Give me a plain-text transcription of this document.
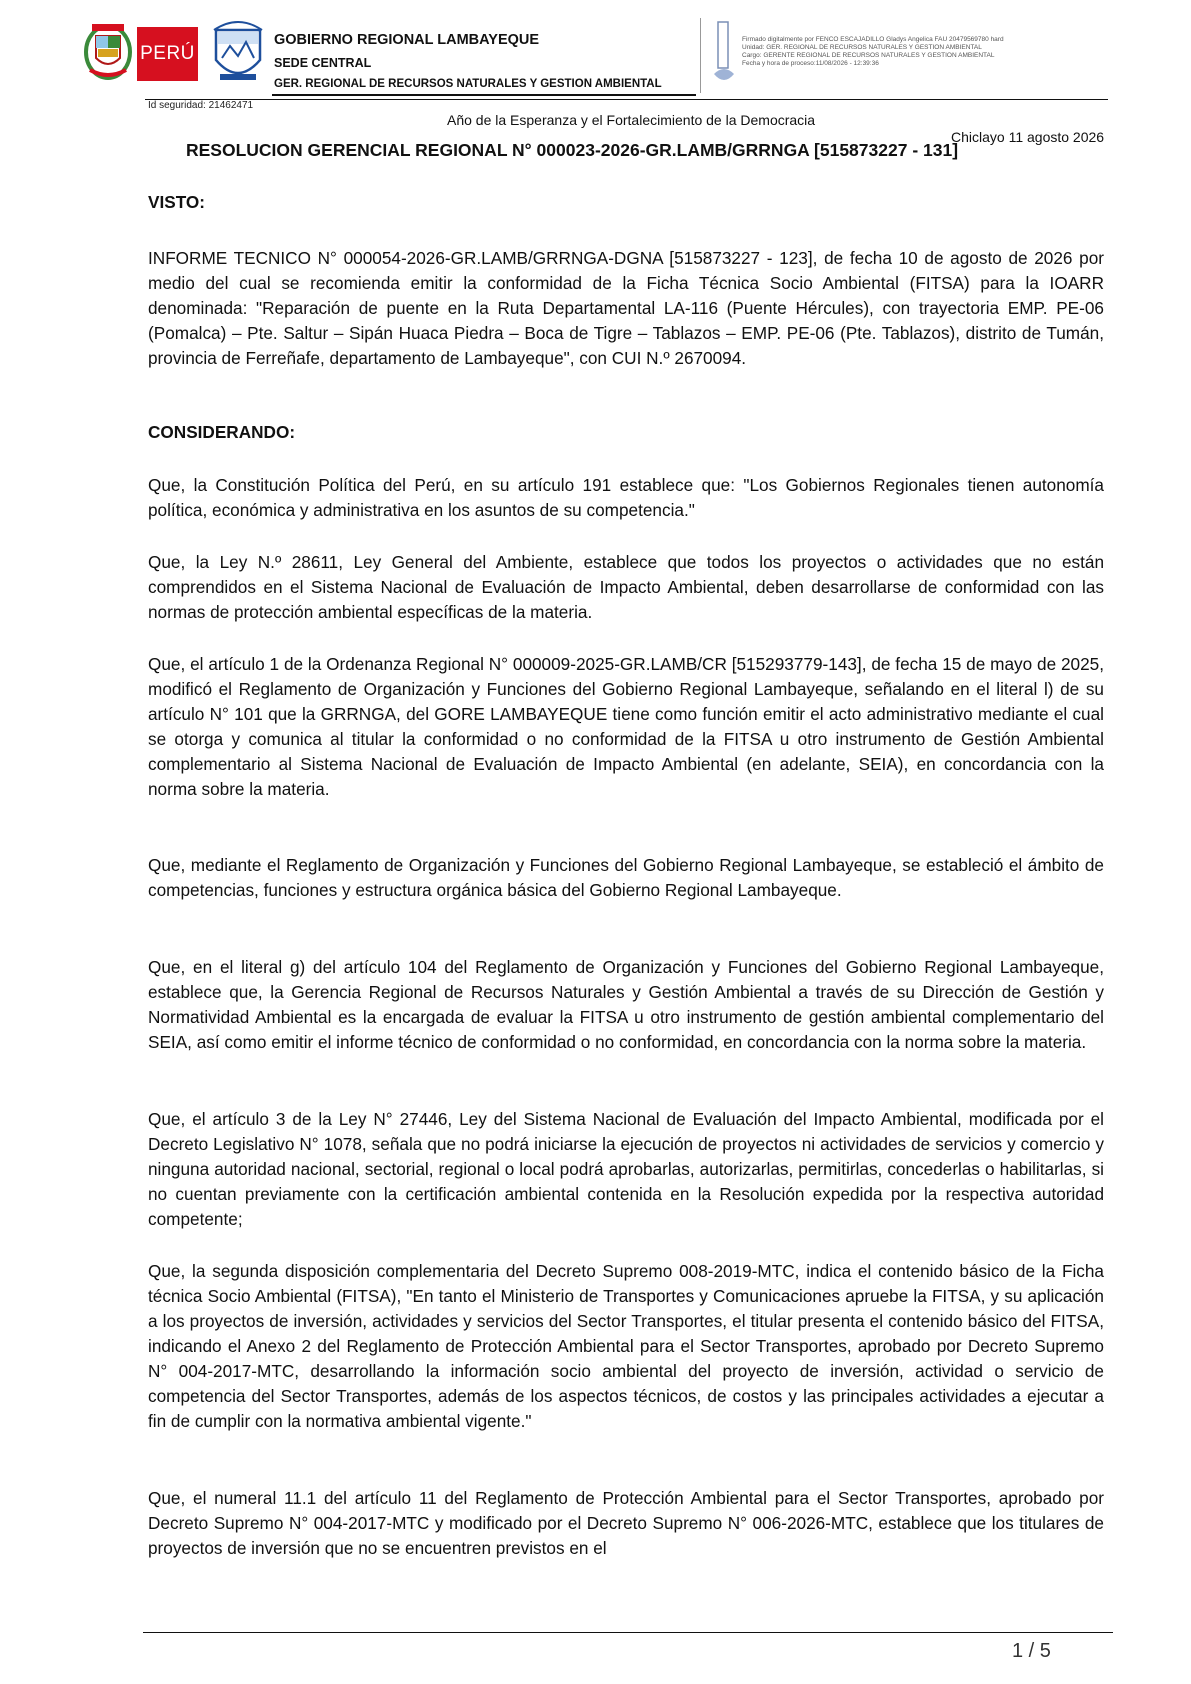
PERÚ
GOBIERNO REGIONAL LAMBAYEQUE
SEDE CENTRAL
GER. REGIONAL DE RECURSOS NATURALES Y GESTION AMBIENTAL
Firmado digitalmente por FENCO ESCAJADILLO Gladys Angelica FAU 20479569780 hard
Unidad: GER. REGIONAL DE RECURSOS NATURALES Y GESTION AMBIENTAL
Cargo: GERENTE REGIONAL DE RECURSOS NATURALES Y GESTION AMBIENTAL
Fecha y hora de proceso:11/08/2026 - 12:39:36
Id seguridad: 21462471
Año de la Esperanza y el Fortalecimiento de la Democracia
Chiclayo 11 agosto 2026
RESOLUCION GERENCIAL REGIONAL N° 000023-2026-GR.LAMB/GRRNGA [515873227 - 131]
VISTO:
INFORME TECNICO N° 000054-2026-GR.LAMB/GRRNGA-DGNA [515873227 - 123], de fecha 10 de agosto de 2026 por medio del cual se recomienda emitir la conformidad de la Ficha Técnica Socio Ambiental (FITSA) para la IOARR denominada: "Reparación de puente en la Ruta Departamental LA-116 (Puente Hércules), con trayectoria EMP. PE-06 (Pomalca) – Pte. Saltur – Sipán Huaca Piedra – Boca de Tigre – Tablazos – EMP. PE-06 (Pte. Tablazos), distrito de Tumán, provincia de Ferreñafe, departamento de Lambayeque", con CUI N.º 2670094.
CONSIDERANDO:
Que, la Constitución Política del Perú, en su artículo 191 establece que: "Los Gobiernos Regionales tienen autonomía política, económica y administrativa en los asuntos de su competencia."
Que, la Ley N.º 28611, Ley General del Ambiente, establece que todos los proyectos o actividades que no están comprendidos en el Sistema Nacional de Evaluación de Impacto Ambiental, deben desarrollarse de conformidad con las normas de protección ambiental específicas de la materia.
Que, el artículo 1 de la Ordenanza Regional N° 000009-2025-GR.LAMB/CR [515293779-143], de fecha 15 de mayo de 2025, modificó el Reglamento de Organización y Funciones del Gobierno Regional Lambayeque, señalando en el literal l) de su artículo N° 101 que la GRRNGA, del GORE LAMBAYEQUE tiene como función emitir el acto administrativo mediante el cual se otorga y comunica al titular la conformidad o no conformidad de la FITSA u otro instrumento de Gestión Ambiental complementario al Sistema Nacional de Evaluación de Impacto Ambiental (en adelante, SEIA), en concordancia con la norma sobre la materia.
Que, mediante el Reglamento de Organización y Funciones del Gobierno Regional Lambayeque, se estableció el ámbito de competencias, funciones y estructura orgánica básica del Gobierno Regional Lambayeque.
Que, en el literal g) del artículo 104 del Reglamento de Organización y Funciones del Gobierno Regional Lambayeque, establece que, la Gerencia Regional de Recursos Naturales y Gestión Ambiental a través de su Dirección de Gestión y Normatividad Ambiental es la encargada de evaluar la FITSA u otro instrumento de gestión ambiental complementario del SEIA, así como emitir el informe técnico de conformidad o no conformidad, en concordancia con la norma sobre la materia.
Que, el artículo 3 de la Ley N° 27446, Ley del Sistema Nacional de Evaluación del Impacto Ambiental, modificada por el Decreto Legislativo N° 1078, señala que no podrá iniciarse la ejecución de proyectos ni actividades de servicios y comercio y ninguna autoridad nacional, sectorial, regional o local podrá aprobarlas, autorizarlas, permitirlas, concederlas o habilitarlas, si no cuentan previamente con la certificación ambiental contenida en la Resolución expedida por la respectiva autoridad competente;
Que, la segunda disposición complementaria del Decreto Supremo 008-2019-MTC, indica el contenido básico de la Ficha técnica Socio Ambiental (FITSA), "En tanto el Ministerio de Transportes y Comunicaciones apruebe la FITSA, y su aplicación a los proyectos de inversión, actividades y servicios del Sector Transportes, el titular presenta el contenido básico del FITSA, indicando el Anexo 2 del Reglamento de Protección Ambiental para el Sector Transportes, aprobado por Decreto Supremo N° 004-2017-MTC, desarrollando la información socio ambiental del proyecto de inversión, actividad o servicio de competencia del Sector Transportes, además de los aspectos técnicos, de costos y las principales actividades a ejecutar a fin de cumplir con la normativa ambiental vigente."
Que, el numeral 11.1 del artículo 11 del Reglamento de Protección Ambiental para el Sector Transportes, aprobado por Decreto Supremo N° 004-2017-MTC y modificado por el Decreto Supremo N° 006-2026-MTC, establece que los titulares de proyectos de inversión que no se encuentren previstos en el
1 / 5
